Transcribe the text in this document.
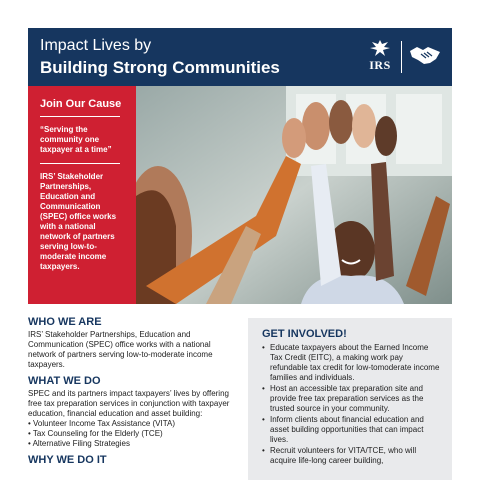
Impact Lives by
Building Strong Communities	IRS
Join Our Cause
“Serving the community one taxpayer at a time”
IRS’ Stakeholder Partnerships, Education and Communication (SPEC) office works with a national network of partners serving low-to-moderate income taxpayers.
WHO WE ARE
IRS’ Stakeholder Partnerships, Education and Communication (SPEC) office works with a national network of partners serving low-to-moderate income taxpayers.
WHAT WE DO
SPEC and its partners impact taxpayers’ lives by offering free tax preparation services in conjunction with taxpayer education, financial education and asset building:
• Volunteer Income Tax Assistance (VITA)
• Tax Counseling for the Elderly (TCE)
• Alternative Filing Strategies
WHY WE DO IT
GET INVOLVED!
• Educate taxpayers about the Earned Income Tax Credit (EITC), a making work pay refundable tax credit for low-tomoderate income families and individuals.
• Host an accessible tax preparation site and provide free tax preparation services as the trusted source in your community.
• Inform clients about financial education and asset building opportunities that can impact lives.
• Recruit volunteers for VITA/TCE, who will acquire life-long career building,
